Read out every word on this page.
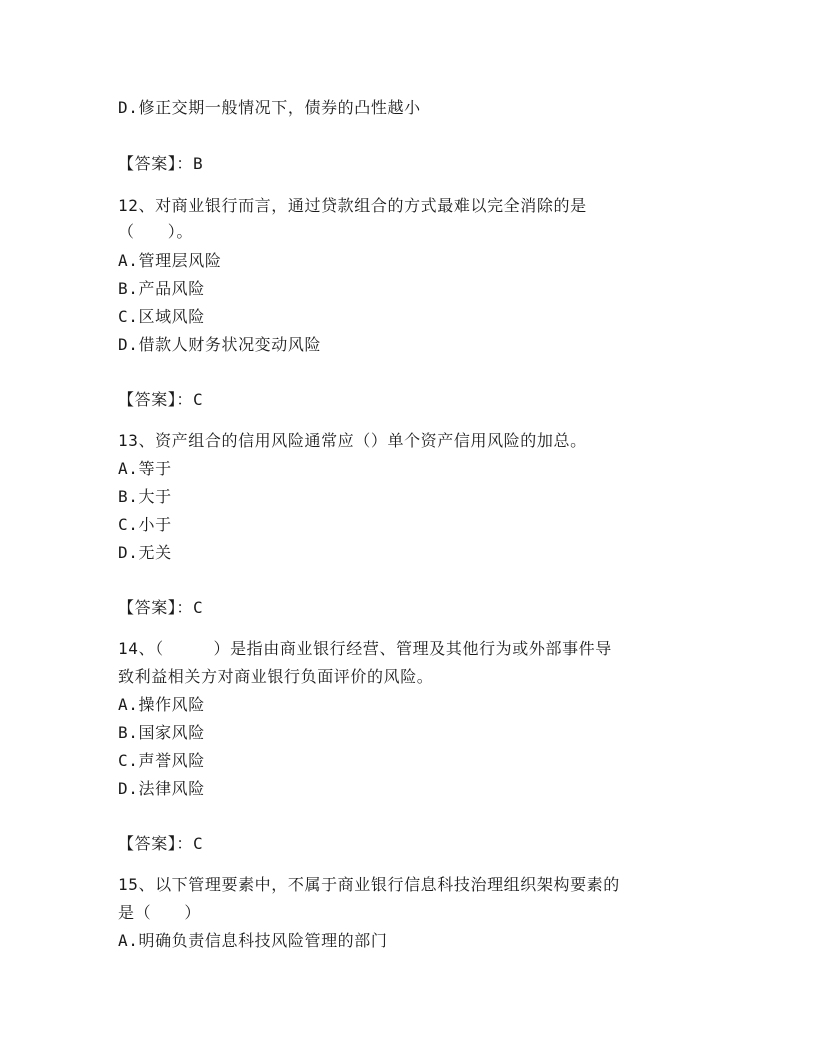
D.修正交期一般情况下，债券的凸性越小
【答案】：B
12、对商业银行而言，通过贷款组合的方式最难以完全消除的是
（　　）。
A.管理层风险
B.产品风险
C.区域风险
D.借款人财务状况变动风险
【答案】：C
13、资产组合的信用风险通常应（）单个资产信用风险的加总。
A.等于
B.大于
C.小于
D.无关
【答案】：C
14、（　　　）是指由商业银行经营、管理及其他行为或外部事件导
致利益相关方对商业银行负面评价的风险。
A.操作风险
B.国家风险
C.声誉风险
D.法律风险
【答案】：C
15、以下管理要素中，不属于商业银行信息科技治理组织架构要素的
是（　　）
A.明确负责信息科技风险管理的部门
